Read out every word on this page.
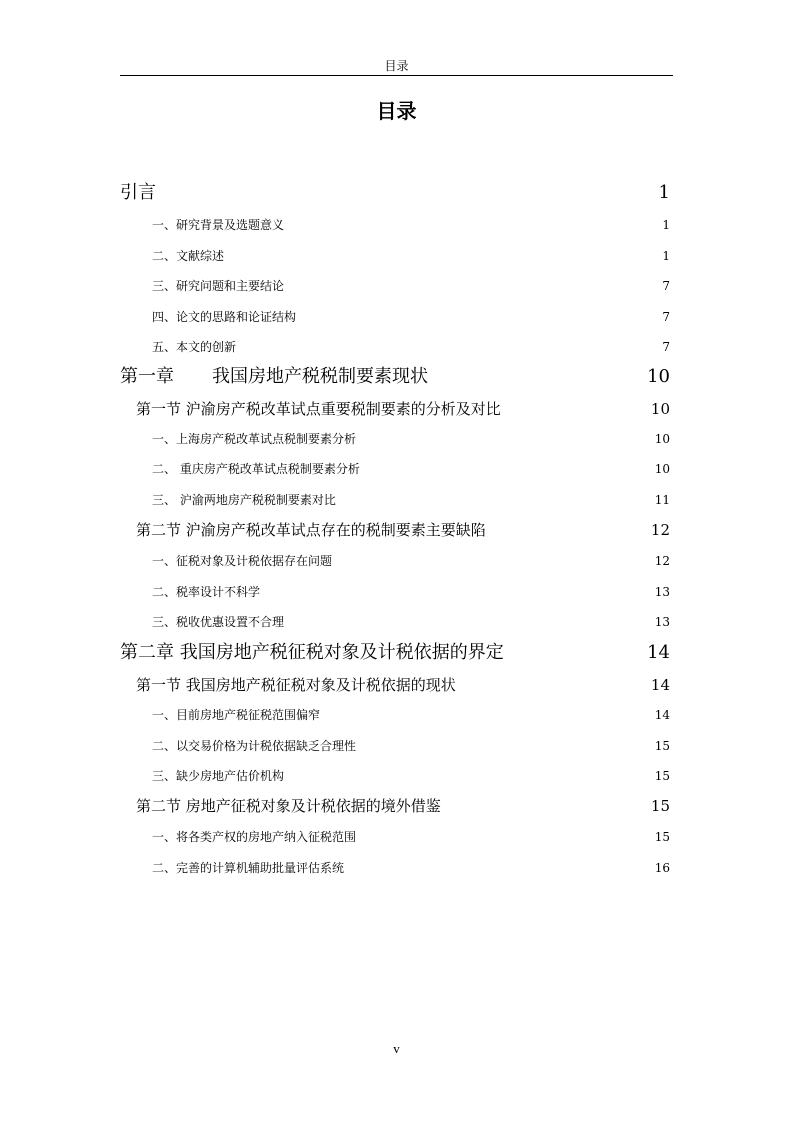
目录
目录
引言	1
一、研究背景及选题意义	1
二、文献综述	1
三、研究问题和主要结论	7
四、论文的思路和论证结构	7
五、本文的创新	7
第一章 我国房地产税税制要素现状	10
第一节 沪渝房产税改革试点重要税制要素的分析及对比	10
一、上海房产税改革试点税制要素分析	10
二、 重庆房产税改革试点税制要素分析	10
三、 沪渝两地房产税税制要素对比	11
第二节 沪渝房产税改革试点存在的税制要素主要缺陷	12
一、征税对象及计税依据存在问题	12
二、税率设计不科学	13
三、税收优惠设置不合理	13
第二章 我国房地产税征税对象及计税依据的界定	14
第一节 我国房地产税征税对象及计税依据的现状	14
一、目前房地产税征税范围偏窄	14
二、以交易价格为计税依据缺乏合理性	15
三、缺少房地产估价机构	15
第二节 房地产征税对象及计税依据的境外借鉴	15
一、将各类产权的房地产纳入征税范围	15
二、完善的计算机辅助批量评估系统	16
v
